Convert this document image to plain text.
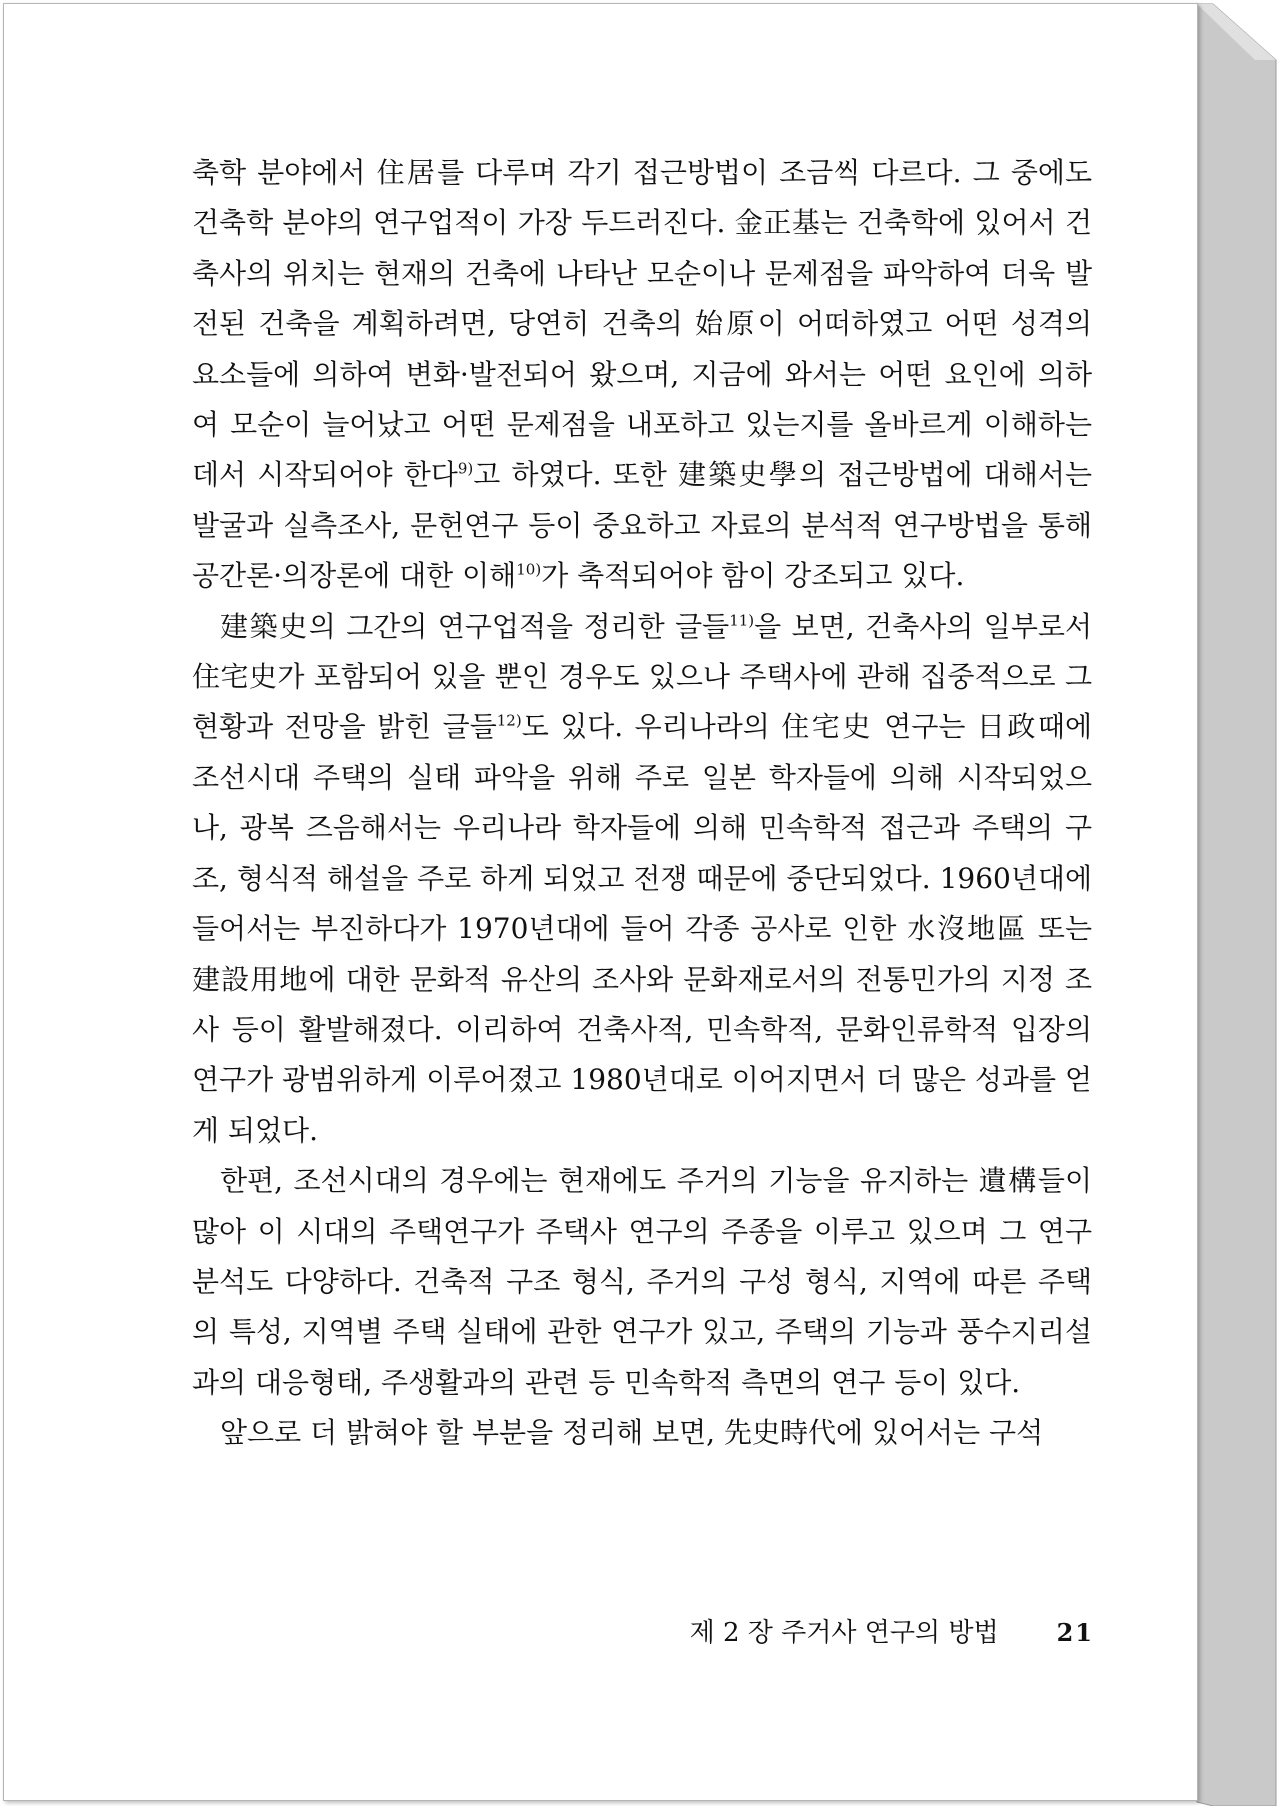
축학 분야에서 住居를 다루며 각기 접근방법이 조금씩 다르다. 그 중에도 건축학 분야의 연구업적이 가장 두드러진다. 金正基는 건축학에 있어서 건축사의 위치는 현재의 건축에 나타난 모순이나 문제점을 파악하여 더욱 발전된 건축을 계획하려면, 당연히 건축의 始原이 어떠하였고 어떤 성격의 요소들에 의하여 변화·발전되어 왔으며, 지금에 와서는 어떤 요인에 의하여 모순이 늘어났고 어떤 문제점을 내포하고 있는지를 올바르게 이해하는 데서 시작되어야 한다$^{9)}$고 하였다. 또한 建築史學의 접근방법에 대해서는 발굴과 실측조사, 문헌연구 등이 중요하고 자료의 분석적 연구방법을 통해 공간론·의장론에 대한 이해$^{10)}$가 축적되어야 함이 강조되고 있다.

建築史의 그간의 연구업적을 정리한 글들$^{11)}$을 보면, 건축사의 일부로서 住宅史가 포함되어 있을 뿐인 경우도 있으나 주택사에 관해 집중적으로 그 현황과 전망을 밝힌 글들$^{12)}$도 있다. 우리나라의 住宅史 연구는 日政때에 조선시대 주택의 실태 파악을 위해 주로 일본 학자들에 의해 시작되었으나, 광복 즈음해서는 우리나라 학자들에 의해 민속학적 접근과 주택의 구조, 형식적 해설을 주로 하게 되었고 전쟁 때문에 중단되었다. 1960년대에 들어서는 부진하다가 1970년대에 들어 각종 공사로 인한 水沒地區 또는 建設用地에 대한 문화적 유산의 조사와 문화재로서의 전통민가의 지정 조사 등이 활발해졌다. 이리하여 건축사적, 민속학적, 문화인류학적 입장의 연구가 광범위하게 이루어졌고 1980년대로 이어지면서 더 많은 성과를 얻게 되었다.

한편, 조선시대의 경우에는 현재에도 주거의 기능을 유지하는 遺構들이 많아 이 시대의 주택연구가 주택사 연구의 주종을 이루고 있으며 그 연구분석도 다양하다. 건축적 구조 형식, 주거의 구성 형식, 지역에 따른 주택의 특성, 지역별 주택 실태에 관한 연구가 있고, 주택의 기능과 풍수지리설과의 대응형태, 주생활과의 관련 등 민속학적 측면의 연구 등이 있다.

앞으로 더 밝혀야 할 부분을 정리해 보면, 先史時代에 있어서는 구석

제 2 장 주거사 연구의 방법 21
